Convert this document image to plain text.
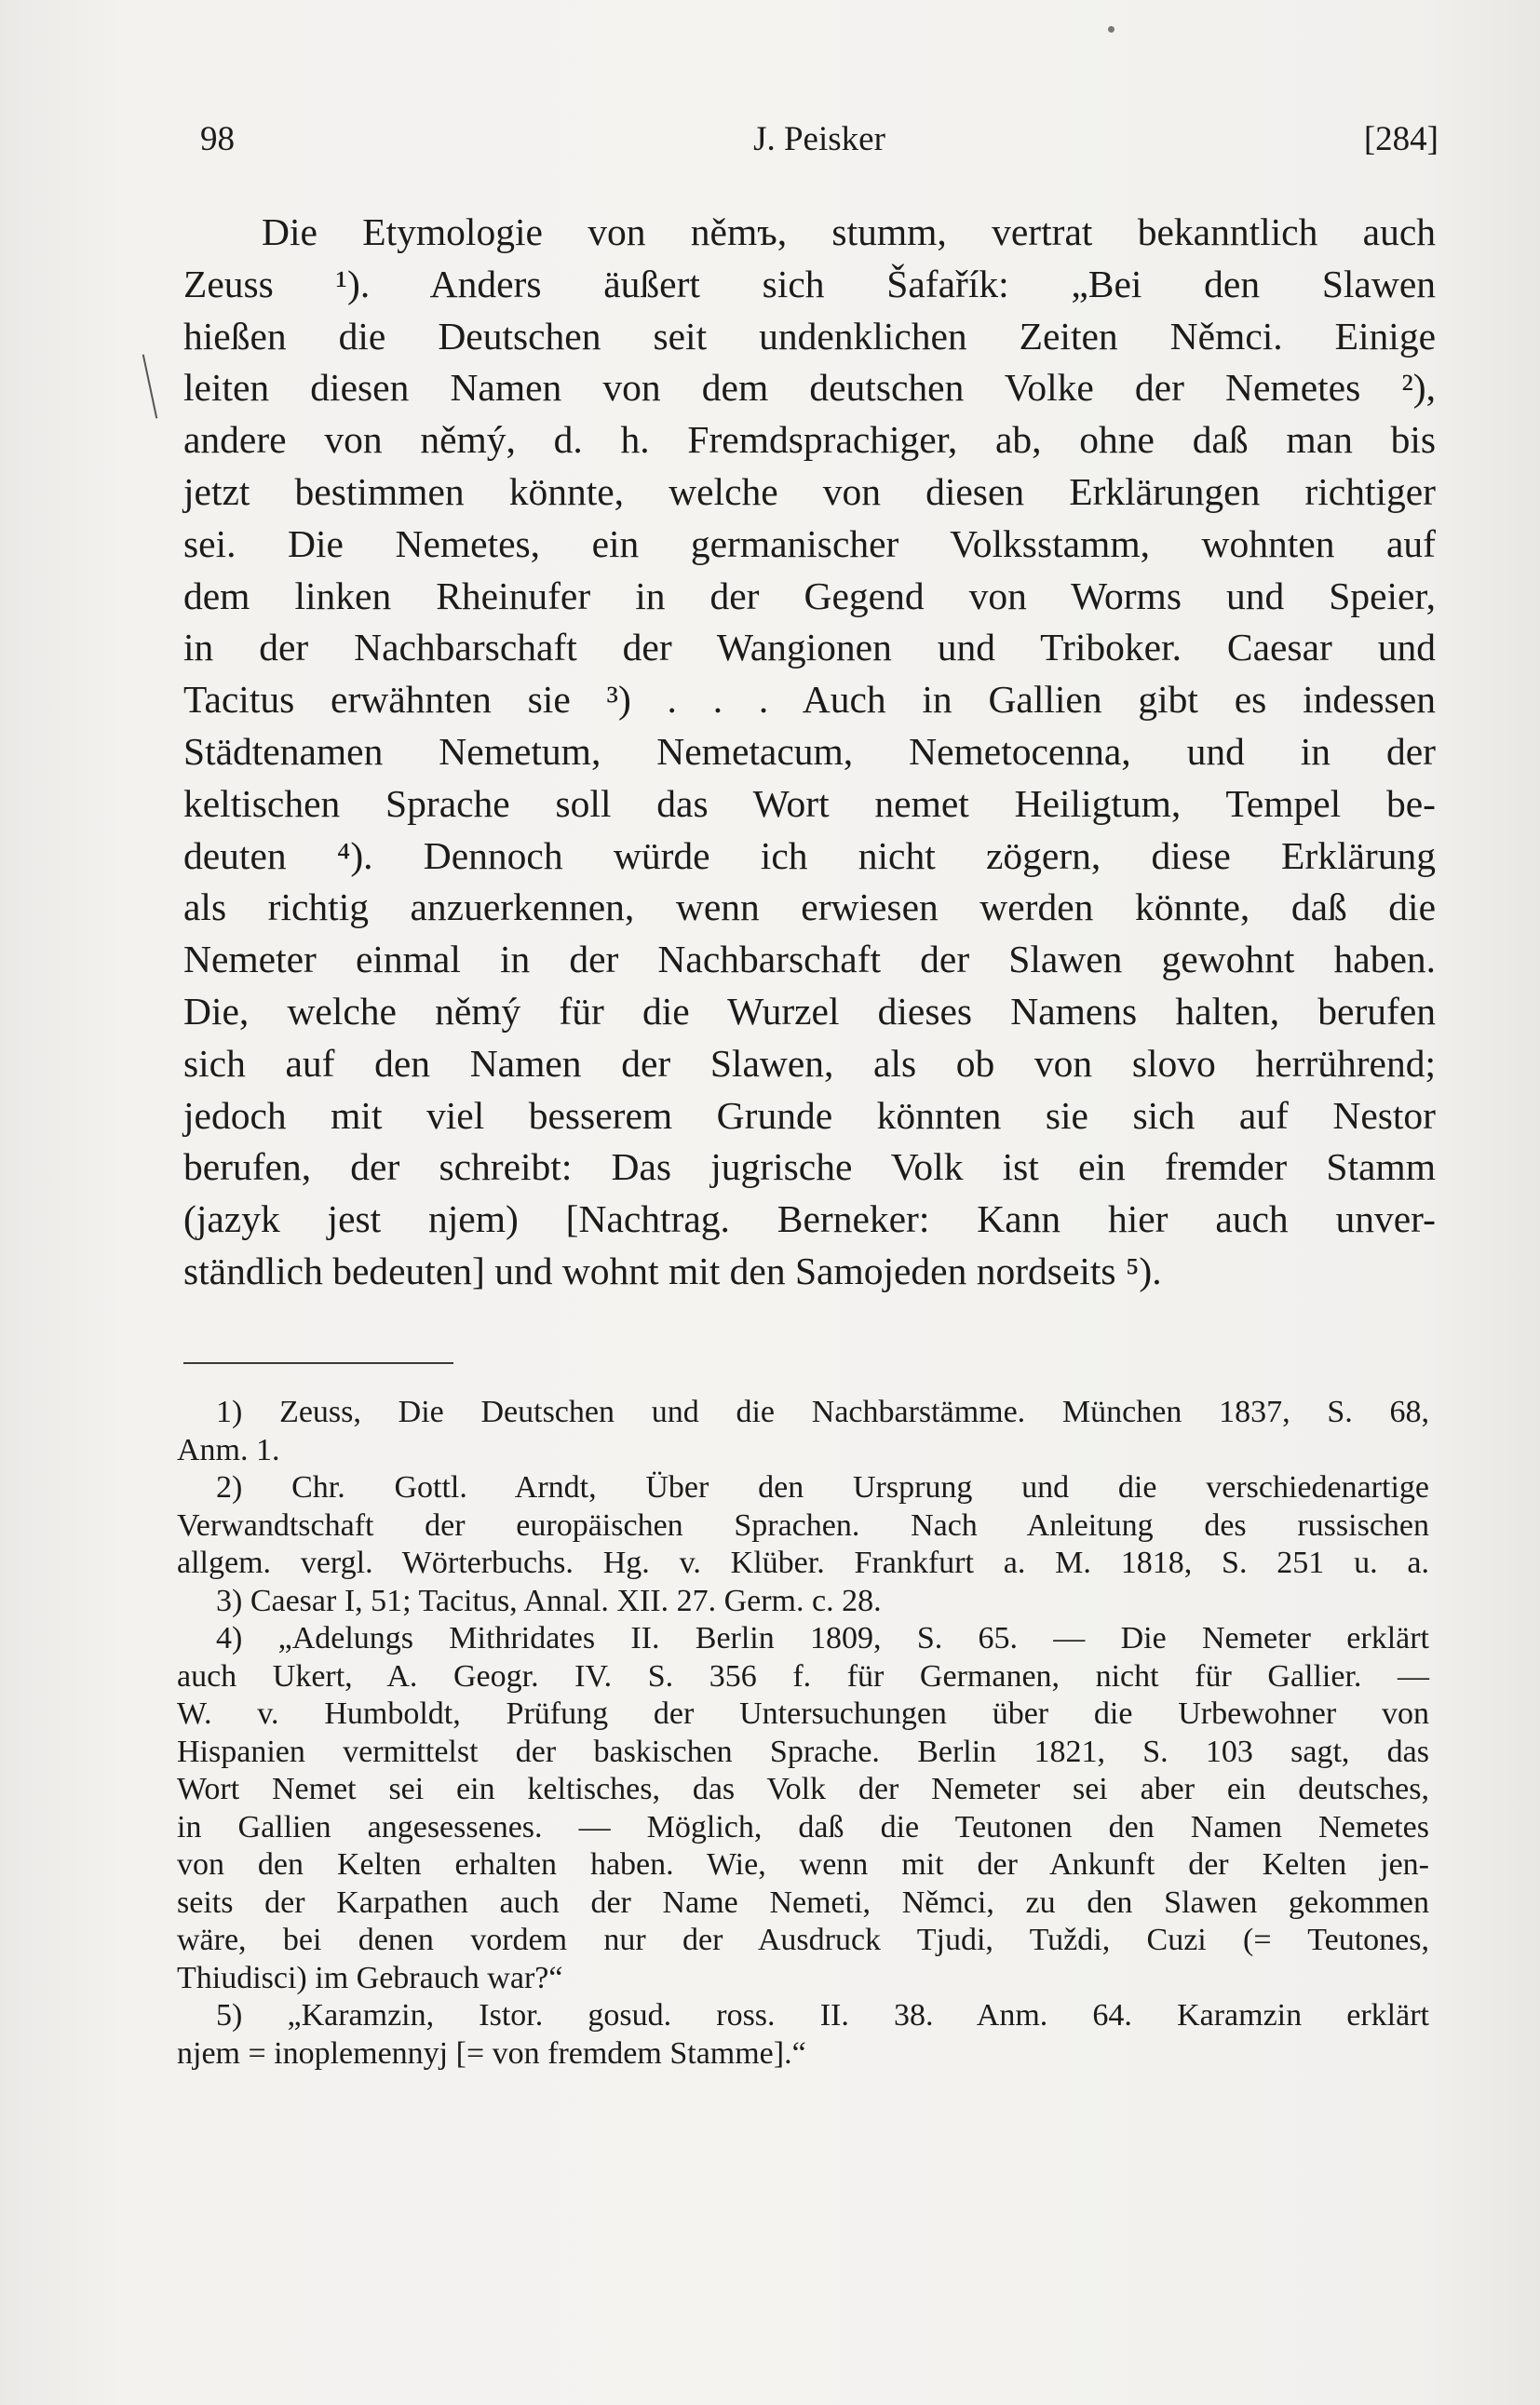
98	J. Peisker	[284]
Die Etymologie von němъ, stumm, vertrat bekanntlich auch
Zeuss ¹). Anders äußert sich Šafařík: „Bei den Slawen
hießen die Deutschen seit undenklichen Zeiten Němci. Einige
leiten diesen Namen von dem deutschen Volke der Nemetes ²),
andere von němý, d. h. Fremdsprachiger, ab, ohne daß man bis
jetzt bestimmen könnte, welche von diesen Erklärungen richtiger
sei. Die Nemetes, ein germanischer Volksstamm, wohnten auf
dem linken Rheinufer in der Gegend von Worms und Speier,
in der Nachbarschaft der Wangionen und Triboker. Caesar und
Tacitus erwähnten sie ³) . . . Auch in Gallien gibt es indessen
Städtenamen Nemetum, Nemetacum, Nemetocenna, und in der
keltischen Sprache soll das Wort nemet Heiligtum, Tempel be-
deuten ⁴). Dennoch würde ich nicht zögern, diese Erklärung
als richtig anzuerkennen, wenn erwiesen werden könnte, daß die
Nemeter einmal in der Nachbarschaft der Slawen gewohnt haben.
Die, welche němý für die Wurzel dieses Namens halten, berufen
sich auf den Namen der Slawen, als ob von slovo herrührend;
jedoch mit viel besserem Grunde könnten sie sich auf Nestor
berufen, der schreibt: Das jugrische Volk ist ein fremder Stamm
(jazyk jest njem) [Nachtrag. Berneker: Kann hier auch unver-
ständlich bedeuten] und wohnt mit den Samojeden nordseits ⁵).
1) Zeuss, Die Deutschen und die Nachbarstämme. München 1837, S. 68,
Anm. 1.
2) Chr. Gottl. Arndt, Über den Ursprung und die verschiedenartige
Verwandtschaft der europäischen Sprachen. Nach Anleitung des russischen
allgem. vergl. Wörterbuchs. Hg. v. Klüber. Frankfurt a. M. 1818, S. 251 u. a.
3) Caesar I, 51; Tacitus, Annal. XII. 27. Germ. c. 28.
4) „Adelungs Mithridates II. Berlin 1809, S. 65. — Die Nemeter erklärt
auch Ukert, A. Geogr. IV. S. 356 f. für Germanen, nicht für Gallier. —
W. v. Humboldt, Prüfung der Untersuchungen über die Urbewohner von
Hispanien vermittelst der baskischen Sprache. Berlin 1821, S. 103 sagt, das
Wort Nemet sei ein keltisches, das Volk der Nemeter sei aber ein deutsches,
in Gallien angesessenes. — Möglich, daß die Teutonen den Namen Nemetes
von den Kelten erhalten haben. Wie, wenn mit der Ankunft der Kelten jen-
seits der Karpathen auch der Name Nemeti, Němci, zu den Slawen gekommen
wäre, bei denen vordem nur der Ausdruck Tjudi, Tuždi, Cuzi (= Teutones,
Thiudisci) im Gebrauch war?“
5) „Karamzin, Istor. gosud. ross. II. 38. Anm. 64. Karamzin erklärt
njem = inoplemennyj [= von fremdem Stamme].“
